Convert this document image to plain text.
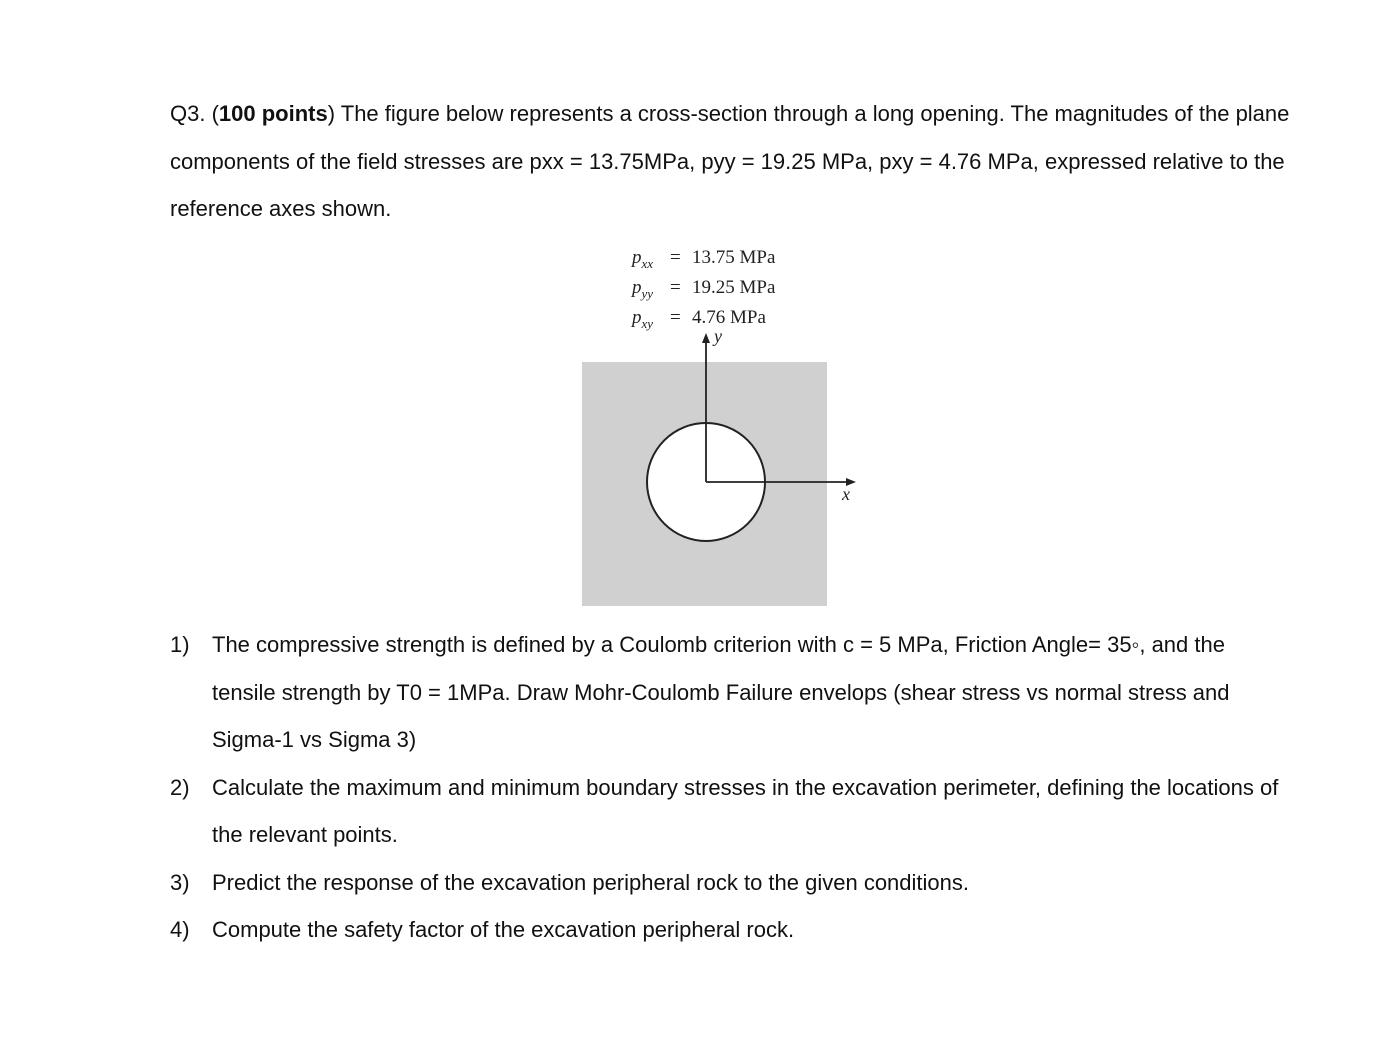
Q3. (100 points) The figure below represents a cross-section through a long opening. The magnitudes of the plane components of the field stresses are pxx = 13.75MPa, pyy = 19.25 MPa, pxy = 4.76 MPa, expressed relative to the reference axes shown.

$p_{xx} = 13.75$ MPa
$p_{yy} = 19.25$ MPa
$p_{xy} = 4.76$ MPa
y
x
1)	The compressive strength is defined by a Coulomb criterion with c = 5 MPa, Friction Angle= 35◦, and the tensile strength by T0 = 1MPa. Draw Mohr-Coulomb Failure envelops (shear stress vs normal stress and Sigma-1 vs Sigma 3)
2)	Calculate the maximum and minimum boundary stresses in the excavation perimeter, defining the locations of the relevant points.
3)	Predict the response of the excavation peripheral rock to the given conditions.
4)	Compute the safety factor of the excavation peripheral rock.
